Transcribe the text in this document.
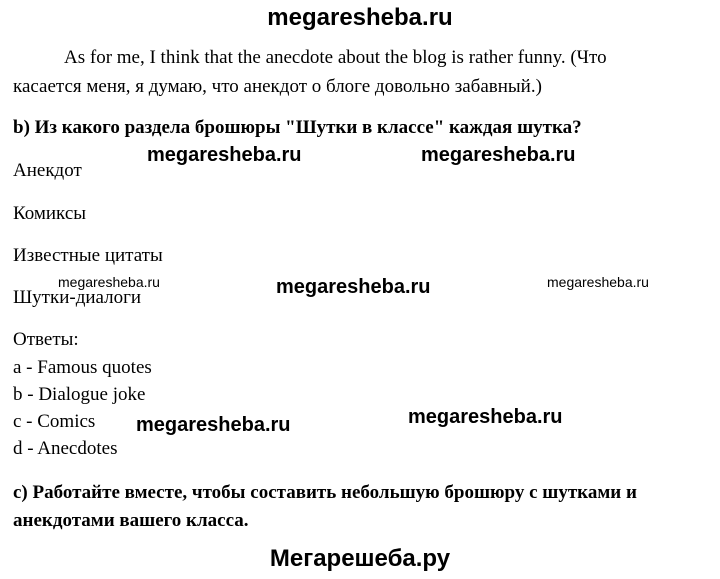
megaresheba.ru
As for me, I think that the anecdote about the blog is rather funny. (Что
касается меня, я думаю, что анекдот о блоге довольно забавный.)
b) Из какого раздела брошюры "Шутки в классе" каждая шутка?
megaresheba.ru	megaresheba.ru
Анекдот
Комиксы
Известные цитаты
megaresheba.ru	megaresheba.ru	megaresheba.ru
Шутки-диалоги
Ответы:
a - Famous quotes
b - Dialogue joke
megaresheba.ru
c - Comics megaresheba.ru
d - Anecdotes
c) Работайте вместе, чтобы составить небольшую брошюру с шутками и
анекдотами вашего класса.
Мегарешеба.ру
